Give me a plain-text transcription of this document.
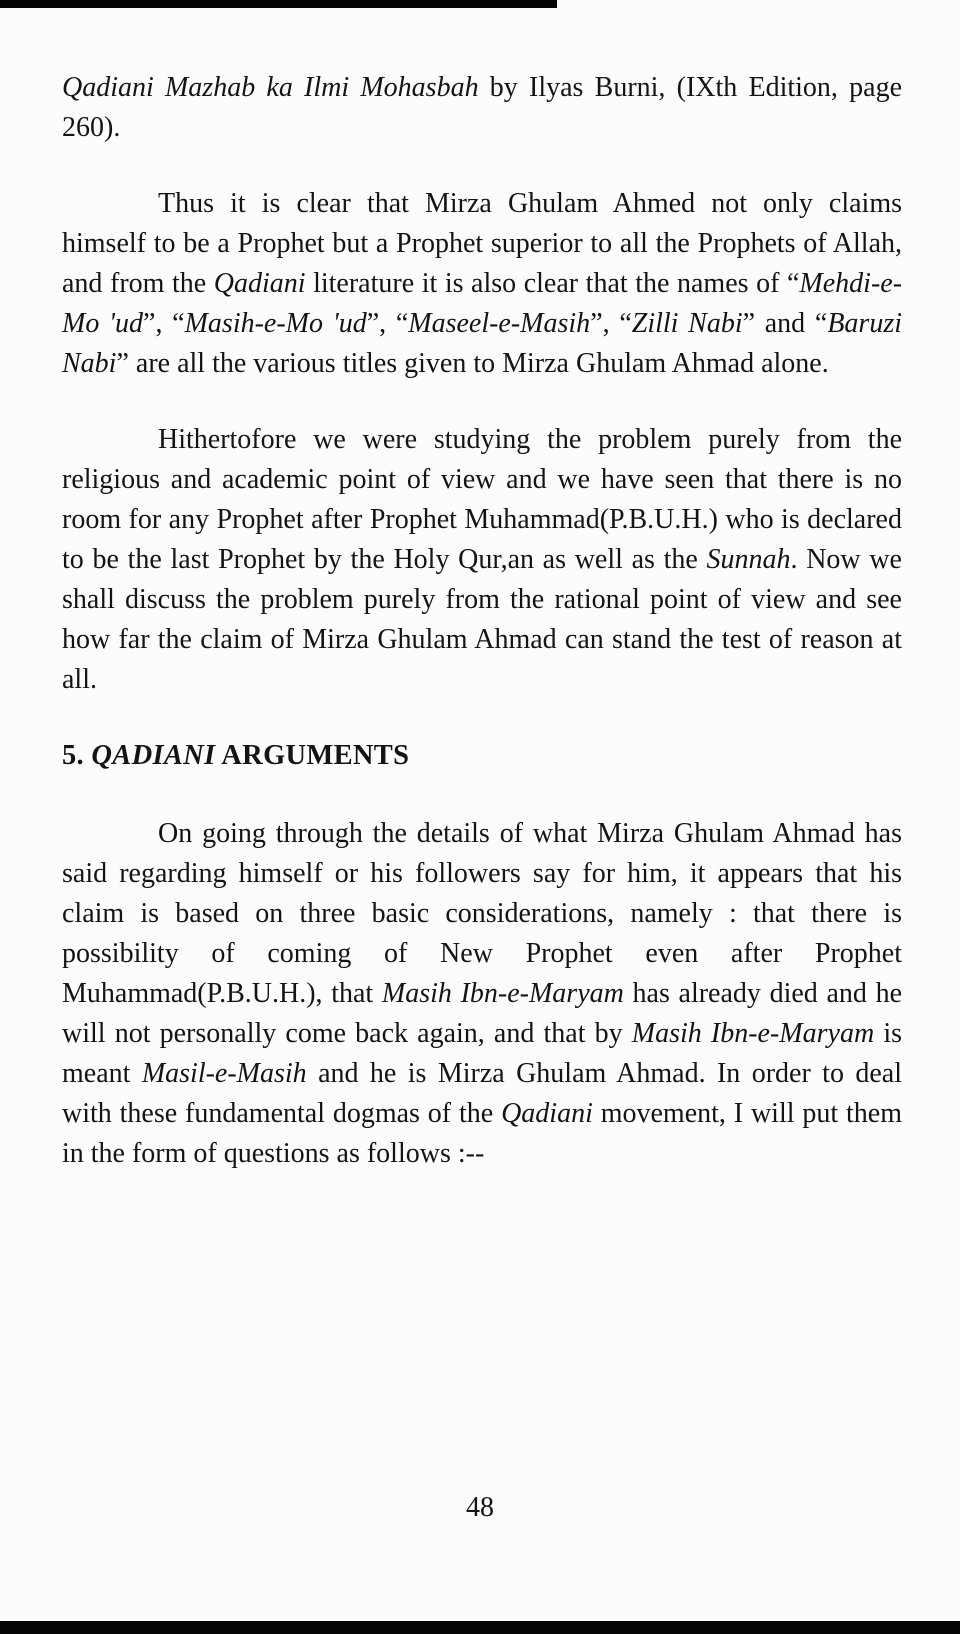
Qadiani Mazhab ka Ilmi Mohasbah by Ilyas Burni, (IXth Edition, page 260).

Thus it is clear that Mirza Ghulam Ahmed not only claims himself to be a Prophet but a Prophet superior to all the Prophets of Allah, and from the Qadiani literature it is also clear that the names of “Mehdi-e-Mo 'ud”, “Masih-e-Mo 'ud”, “Maseel-e-Masih”, “Zilli Nabi” and “Baruzi Nabi” are all the various titles given to Mirza Ghulam Ahmad alone.

Hithertofore we were studying the problem purely from the religious and academic point of view and we have seen that there is no room for any Prophet after Prophet Muhammad(P.B.U.H.) who is declared to be the last Prophet by the Holy Qur,an as well as the Sunnah. Now we shall discuss the problem purely from the rational point of view and see how far the claim of Mirza Ghulam Ahmad can stand the test of reason at all.

5. QADIANI ARGUMENTS

On going through the details of what Mirza Ghulam Ahmad has said regarding himself or his followers say for him, it appears that his claim is based on three basic considerations, namely : that there is possibility of coming of New Prophet even after Prophet Muhammad(P.B.U.H.), that Masih Ibn-e-Maryam has already died and he will not personally come back again, and that by Masih Ibn-e-Maryam is meant Masil-e-Masih and he is Mirza Ghulam Ahmad. In order to deal with these fundamental dogmas of the Qadiani movement, I will put them in the form of questions as follows :--

48
